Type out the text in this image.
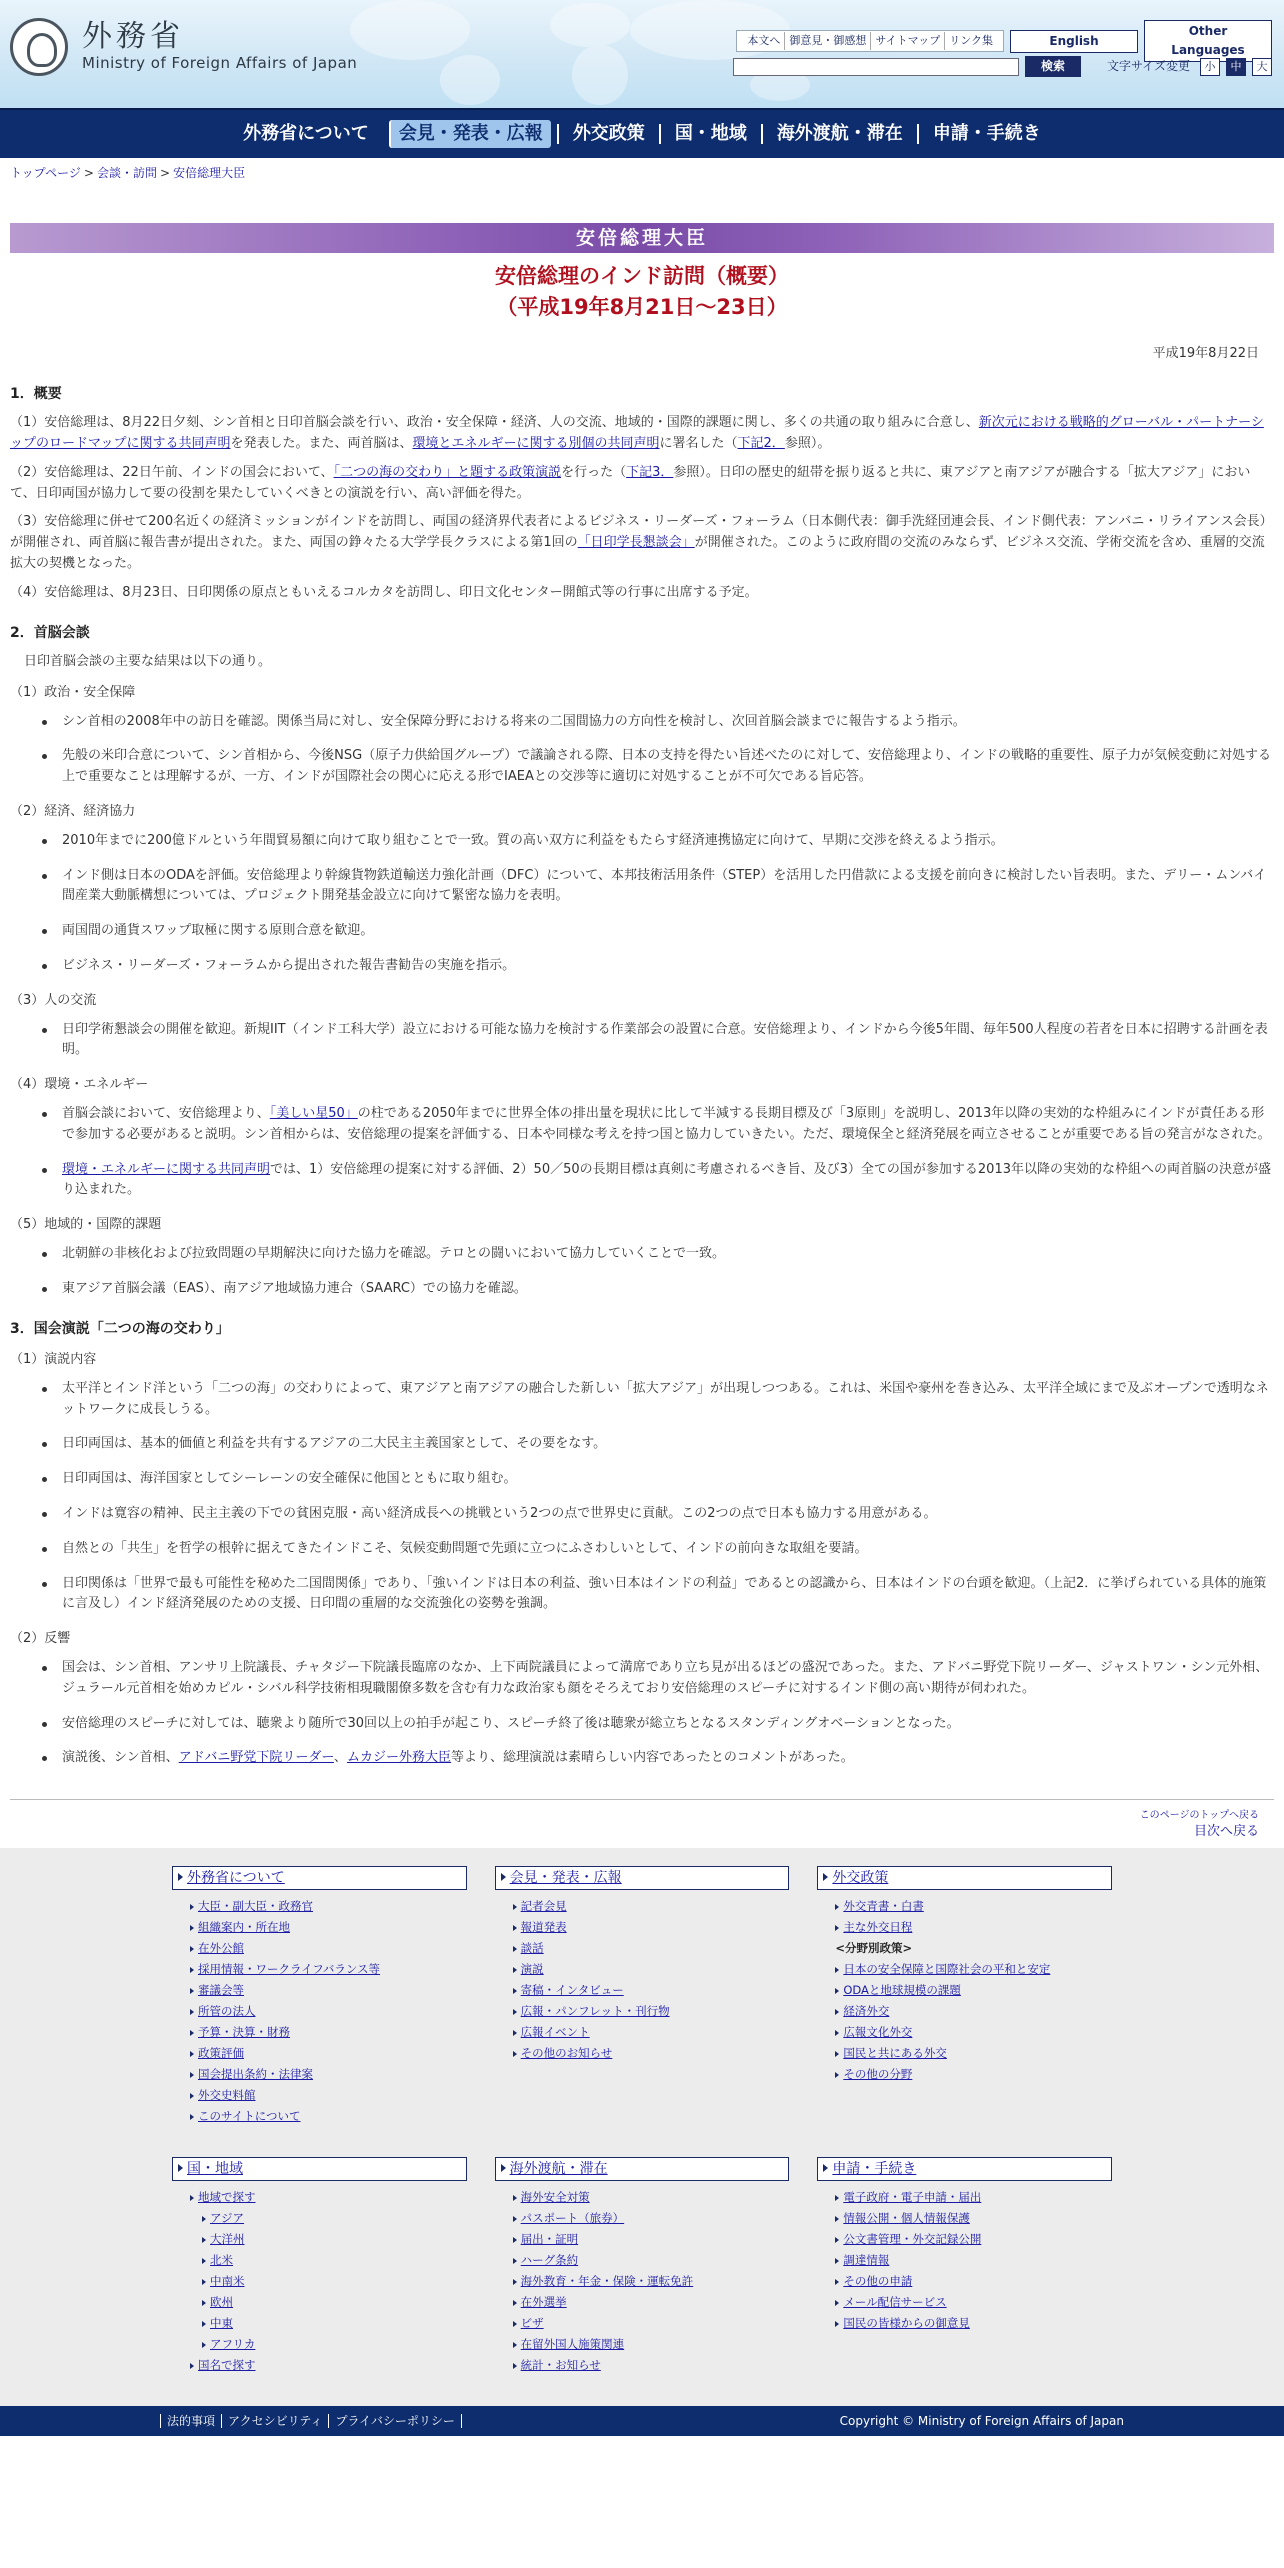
外務省
Ministry of Foreign Affairs of Japan
本文へ 御意見・御感想 サイトマップ リンク集	English
Other Languages
検索	文字サイズ変更	小	中	大
外務省について	会見・発表・広報	外交政策	国・地域	海外渡航・滞在	申請・手続き
トップページ > 会談・訪問 > 安倍総理大臣
安倍総理大臣
安倍総理のインド訪問（概要）
（平成19年8月21日～23日）
平成19年8月22日
1．概要

（1）安倍総理は、8月22日夕刻、シン首相と日印首脳会談を行い、政治・安全保障・経済、人の交流、地域的・国際的課題に関し、多くの共通の取り組みに合意し、新次元における戦略的グローバル・パートナーシップのロードマップに関する共同声明を発表した。また、両首脳は、環境とエネルギーに関する別個の共同声明に署名した（下記2．参照）。

（2）安倍総理は、22日午前、インドの国会において、「二つの海の交わり」と題する政策演説を行った（下記3．参照）。日印の歴史的紐帯を振り返ると共に、東アジアと南アジアが融合する「拡大アジア」において、日印両国が協力して要の役割を果たしていくべきとの演説を行い、高い評価を得た。

（3）安倍総理に併せて200名近くの経済ミッションがインドを訪問し、両国の経済界代表者によるビジネス・リーダーズ・フォーラム（日本側代表：御手洗経団連会長、インド側代表：アンバニ・リライアンス会長）が開催され、両首脳に報告書が提出された。また、両国の錚々たる大学学長クラスによる第1回の「日印学長懇談会」が開催された。このように政府間の交流のみならず、ビジネス交流、学術交流を含め、重層的交流拡大の契機となった。

（4）安倍総理は、8月23日、日印関係の原点ともいえるコルカタを訪問し、印日文化センター開館式等の行事に出席する予定。

2．首脳会談

日印首脳会談の主要な結果は以下の通り。

（1）政治・安全保障
シン首相の2008年中の訪日を確認。関係当局に対し、安全保障分野における将来の二国間協力の方向性を検討し、次回首脳会談までに報告するよう指示。
先般の米印合意について、シン首相から、今後NSG（原子力供給国グループ）で議論される際、日本の支持を得たい旨述べたのに対して、安倍総理より、インドの戦略的重要性、原子力が気候変動に対処する上で重要なことは理解するが、一方、インドが国際社会の関心に応える形でIAEAとの交渉等に適切に対処することが不可欠である旨応答。
（2）経済、経済協力
2010年までに200億ドルという年間貿易額に向けて取り組むことで一致。質の高い双方に利益をもたらす経済連携協定に向けて、早期に交渉を終えるよう指示。
インド側は日本のODAを評価。安倍総理より幹線貨物鉄道輸送力強化計画（DFC）について、本邦技術活用条件（STEP）を活用した円借款による支援を前向きに検討したい旨表明。また、デリー・ムンバイ間産業大動脈構想については、プロジェクト開発基金設立に向けて緊密な協力を表明。
両国間の通貨スワップ取極に関する原則合意を歓迎。
ビジネス・リーダーズ・フォーラムから提出された報告書勧告の実施を指示。
（3）人の交流
日印学術懇談会の開催を歓迎。新規IIT（インド工科大学）設立における可能な協力を検討する作業部会の設置に合意。安倍総理より、インドから今後5年間、毎年500人程度の若者を日本に招聘する計画を表明。
（4）環境・エネルギー
首脳会談において、安倍総理より、「美しい星50」の柱である2050年までに世界全体の排出量を現状に比して半減する長期目標及び「3原則」を説明し、2013年以降の実効的な枠組みにインドが責任ある形で参加する必要があると説明。シン首相からは、安倍総理の提案を評価する、日本や同様な考えを持つ国と協力していきたい。ただ、環境保全と経済発展を両立させることが重要である旨の発言がなされた。
環境・エネルギーに関する共同声明では、1）安倍総理の提案に対する評価、2）50／50の長期目標は真剣に考慮されるべき旨、及び3）全ての国が参加する2013年以降の実効的な枠組への両首脳の決意が盛り込まれた。
（5）地域的・国際的課題
北朝鮮の非核化および拉致問題の早期解決に向けた協力を確認。テロとの闘いにおいて協力していくことで一致。
東アジア首脳会議（EAS）、南アジア地域協力連合（SAARC）での協力を確認。
3．国会演説「二つの海の交わり」
（1）演説内容
太平洋とインド洋という「二つの海」の交わりによって、東アジアと南アジアの融合した新しい「拡大アジア」が出現しつつある。これは、米国や豪州を巻き込み、太平洋全域にまで及ぶオープンで透明なネットワークに成長しうる。
日印両国は、基本的価値と利益を共有するアジアの二大民主主義国家として、その要をなす。
日印両国は、海洋国家としてシーレーンの安全確保に他国とともに取り組む。
インドは寛容の精神、民主主義の下での貧困克服・高い経済成長への挑戦という2つの点で世界史に貢献。この2つの点で日本も協力する用意がある。
自然との「共生」を哲学の根幹に据えてきたインドこそ、気候変動問題で先頭に立つにふさわしいとして、インドの前向きな取組を要請。
日印関係は「世界で最も可能性を秘めた二国間関係」であり、「強いインドは日本の利益、強い日本はインドの利益」であるとの認識から、日本はインドの台頭を歓迎。（上記2．に挙げられている具体的施策に言及し）インド経済発展のための支援、日印間の重層的な交流強化の姿勢を強調。
（2）反響
国会は、シン首相、アンサリ上院議長、チャタジー下院議長臨席のなか、上下両院議員によって満席であり立ち見が出るほどの盛況であった。また、アドバニ野党下院リーダー、ジャストワン・シン元外相、ジュラール元首相を始めカピル・シバル科学技術相現職閣僚多数を含む有力な政治家も顔をそろえており安倍総理のスピーチに対するインド側の高い期待が伺われた。
安倍総理のスピーチに対しては、聴衆より随所で30回以上の拍手が起こり、スピーチ終了後は聴衆が総立ちとなるスタンディングオベーションとなった。
演説後、シン首相、アドバニ野党下院リーダー、ムカジー外務大臣等より、総理演説は素晴らしい内容であったとのコメントがあった。
このページのトップへ戻る
目次へ戻る
外務省について
大臣・副大臣・政務官
組織案内・所在地
在外公館
採用情報・ワークライフバランス等
審議会等
所管の法人
予算・決算・財務
政策評価
国会提出条約・法律案
外交史料館
このサイトについて
会見・発表・広報
記者会見
報道発表
談話
演説
寄稿・インタビュー
広報・パンフレット・刊行物
広報イベント
その他のお知らせ
外交政策
外交青書・白書
主な外交日程
<分野別政策>
日本の安全保障と国際社会の平和と安定
ODAと地球規模の課題
経済外交
広報文化外交
国民と共にある外交
その他の分野
国・地域
地域で探す
アジア
大洋州
北米
中南米
欧州
中東
アフリカ
国名で探す
海外渡航・滞在
海外安全対策
パスポート（旅券）
届出・証明
ハーグ条約
海外教育・年金・保険・運転免許
在外選挙
ビザ
在留外国人施策関連
統計・お知らせ
申請・手続き
電子政府・電子申請・届出
情報公開・個人情報保護
公文書管理・外交記録公開
調達情報
その他の申請
メール配信サービス
国民の皆様からの御意見
法的事項 アクセシビリティ プライバシーポリシー	Copyright © Ministry of Foreign Affairs of Japan
